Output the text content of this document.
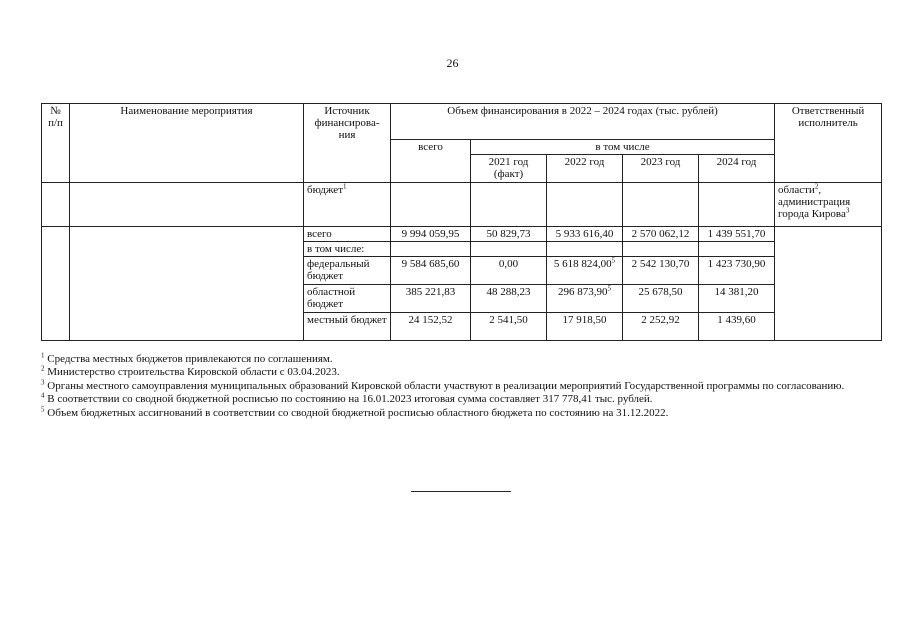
26
№ п/п	Наименование мероприятия	Источник финансирова-ния	Объем финансирования в 2022 – 2024 годах (тыс. рублей)					Ответственный исполнитель
			всего	в том числе				
				2021 год (факт)	2022 год	2023 год	2024 год	
		бюджет$^1$						области$^2$,
администрация
города Кирова$^3$
		всего	9 994 059,95	50 829,73	5 933 616,40	2 570 062,12	1 439 551,70	
		в том числе:						
		федеральный бюджет	9 584 685,60	0,00	5 618 824,00$^5$	2 542 130,70	1 423 730,90	
		областной бюджет	385 221,83	48 288,23	296 873,90$^5$	25 678,50	14 381,20	
		местный бюджет	24 152,52	2 541,50	17 918,50	2 252,92	1 439,60	
$^1$ Средства местных бюджетов привлекаются по соглашениям.
$^2$ Министерство строительства Кировской области с 03.04.2023.
$^3$ Органы местного самоуправления муниципальных образований Кировской области участвуют в реализации мероприятий Государственной программы по согласованию.
$^4$ В соответствии со сводной бюджетной росписью по состоянию на 16.01.2023 итоговая сумма составляет 317 778,41 тыс. рублей.
$^5$ Объем бюджетных ассигнований в соответствии со сводной бюджетной росписью областного бюджета по состоянию на 31.12.2022.
